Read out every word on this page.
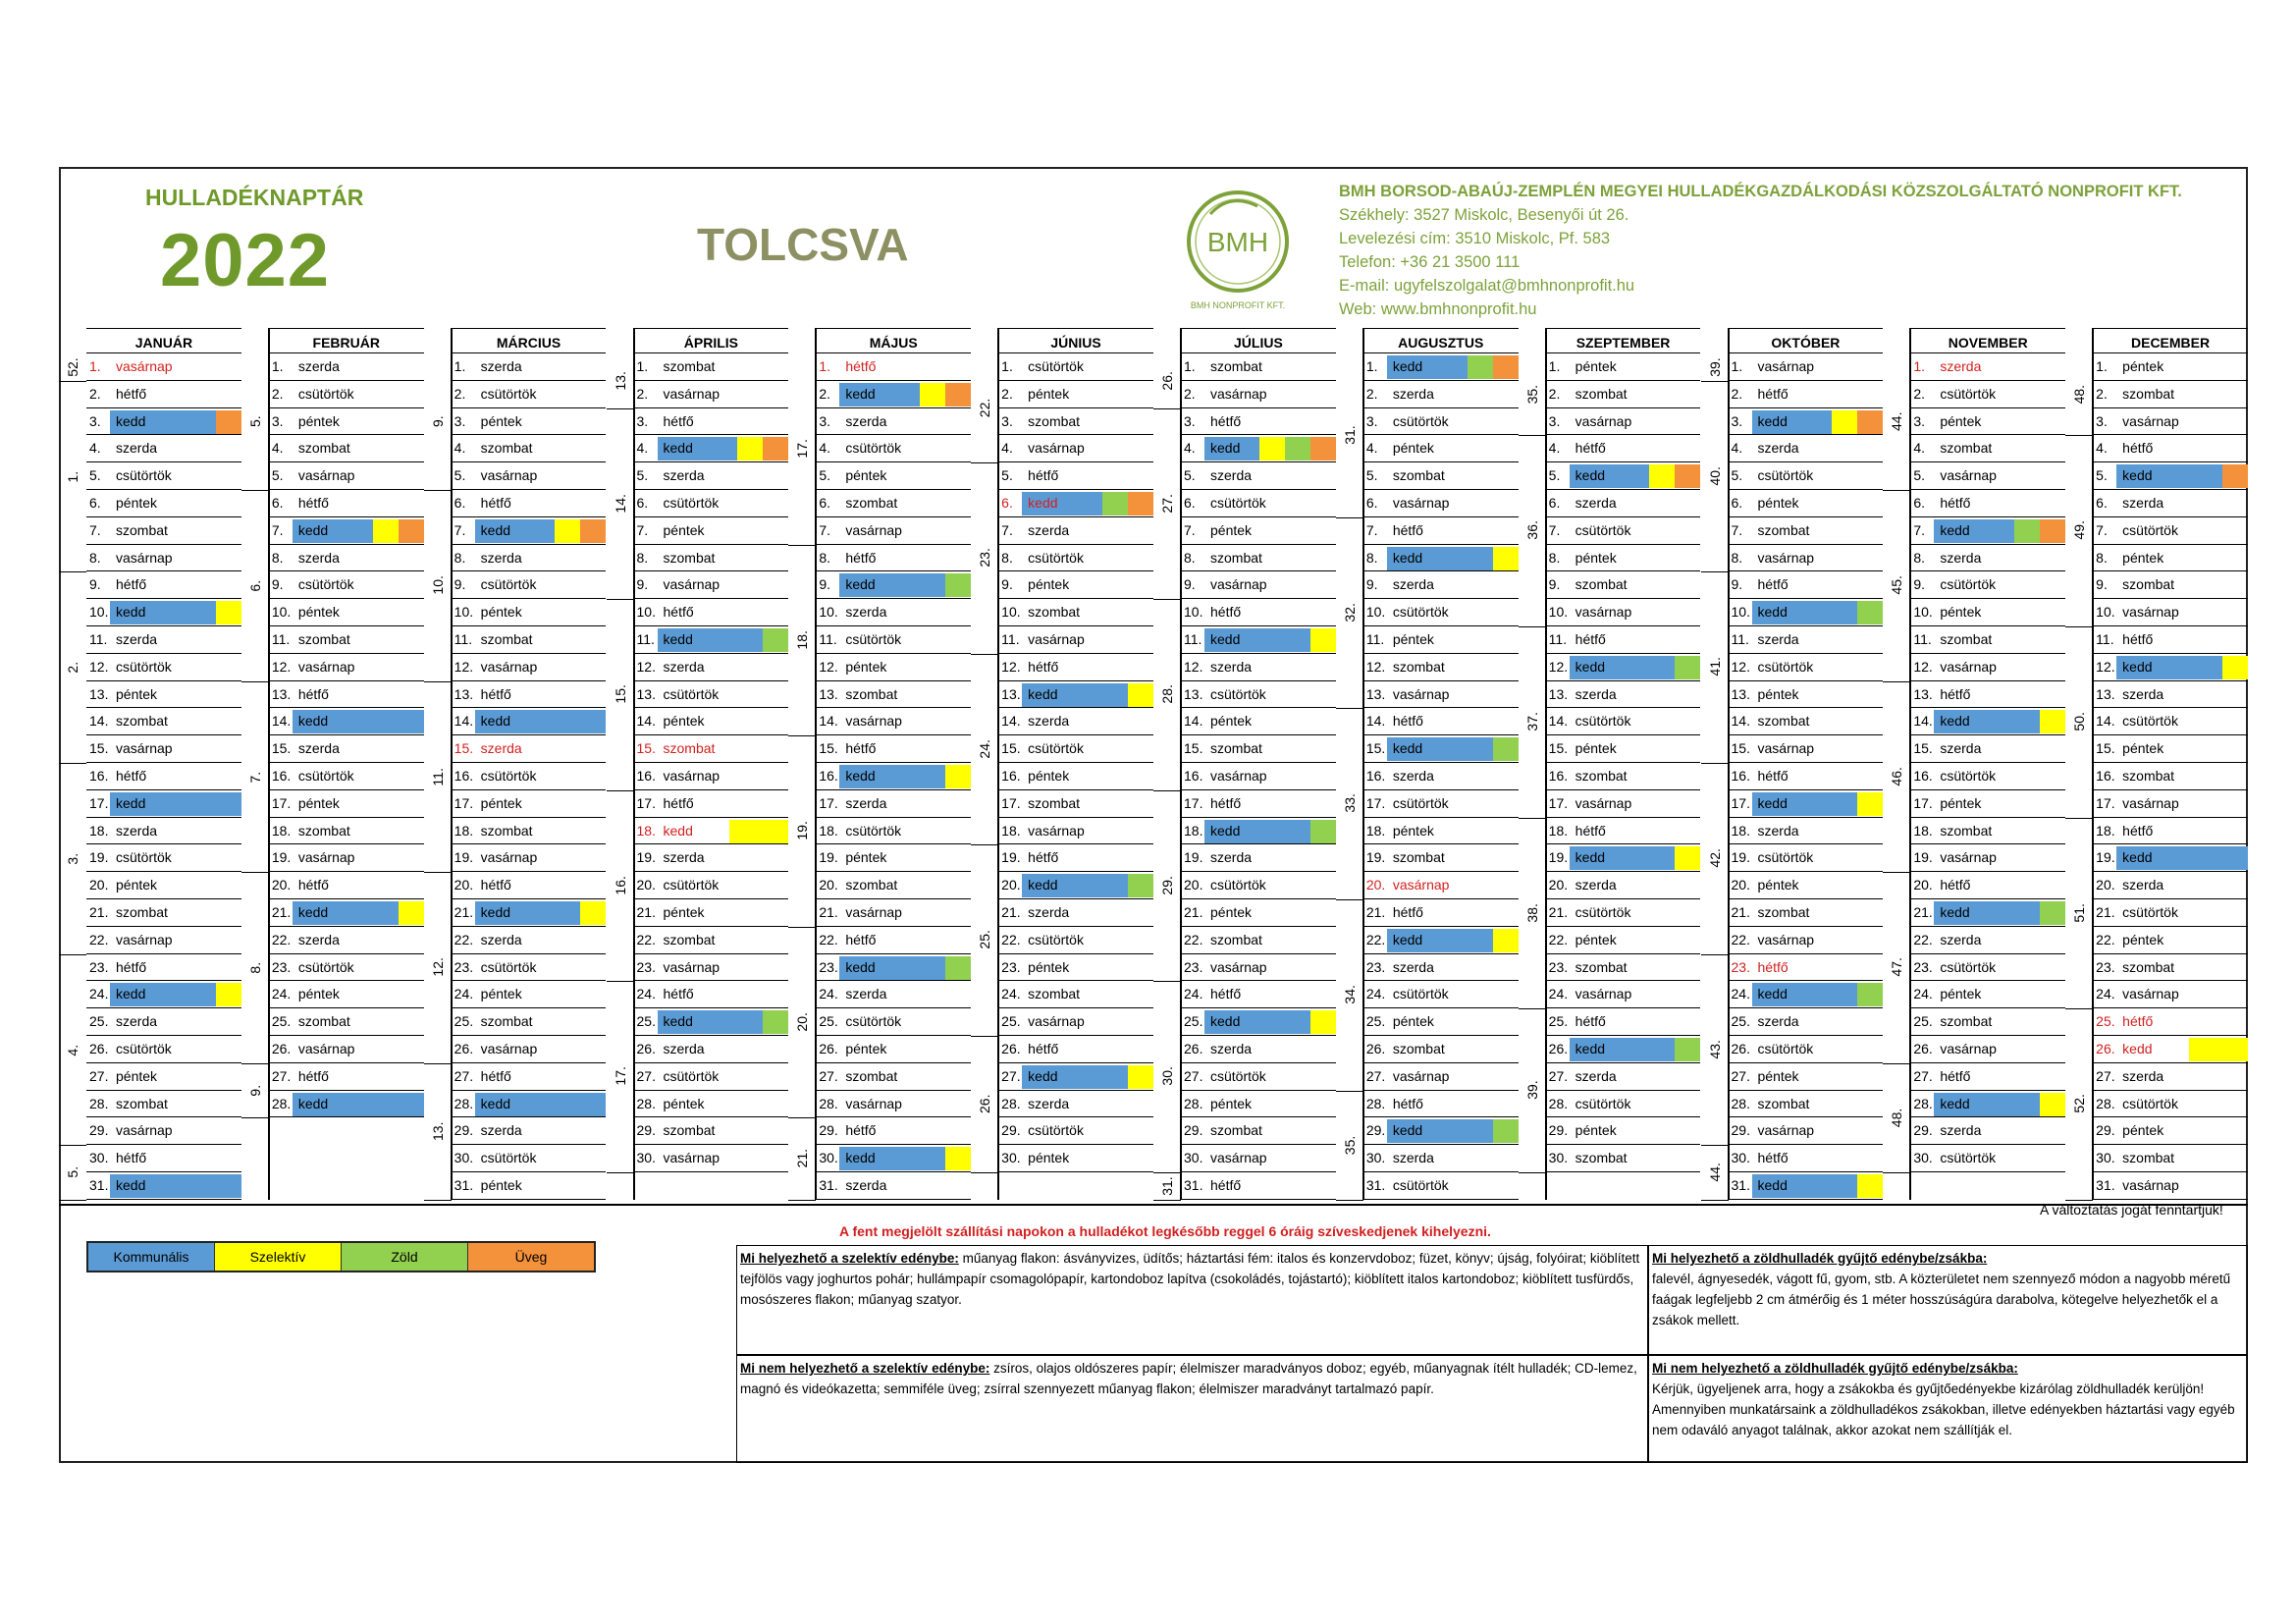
HULLADÉKNAPTÁR
2022	TOLCSVA	BMH
BMH NONPROFIT KFT.
BMH BORSOD-ABAÚJ-ZEMPLÉN MEGYEI HULLADÉKGAZDÁLKODÁSI KÖZSZOLGÁLTATÓ NONPROFIT KFT.
Székhely: 3527 Miskolc, Besenyői út 26.
Levelezési cím: 3510 Miskolc, Pf. 583
Telefon: +36 21 3500 111
E-mail: ugyfelszolgalat@bmhnonprofit.hu
Web: www.bmhnonprofit.hu
JANUÁR
1. vasárnap
52.
2. hétfő
3. kedd
4. szerda
5. csütörtök
6. péntek
7. szombat
8. vasárnap
1.
9. hétfő
10. kedd
11. szerda
12. csütörtök
13. péntek
14. szombat
15. vasárnap
2.
16. hétfő
17. kedd
18. szerda
19. csütörtök
20. péntek
21. szombat
22. vasárnap
3.
23. hétfő
24. kedd
25. szerda
26. csütörtök
27. péntek
28. szombat
29. vasárnap
4.
30. hétfő
31. kedd
5.
FEBRUÁR
1. szerda
2. csütörtök
3. péntek
4. szombat
5. vasárnap
5.
6. hétfő
7. kedd
8. szerda
9. csütörtök
10. péntek
11. szombat
12. vasárnap
6.
13. hétfő
14. kedd
15. szerda
16. csütörtök
17. péntek
18. szombat
19. vasárnap
7.
20. hétfő
21. kedd
22. szerda
23. csütörtök
24. péntek
25. szombat
26. vasárnap
8.
27. hétfő
28. kedd
9.
MÁRCIUS
1. szerda
2. csütörtök
3. péntek
4. szombat
5. vasárnap
9.
6. hétfő
7. kedd
8. szerda
9. csütörtök
10. péntek
11. szombat
12. vasárnap
10.
13. hétfő
14. kedd
15. szerda
16. csütörtök
17. péntek
18. szombat
19. vasárnap
11.
20. hétfő
21. kedd
22. szerda
23. csütörtök
24. péntek
25. szombat
26. vasárnap
12.
27. hétfő
28. kedd
29. szerda
30. csütörtök
31. péntek
13.
ÁPRILIS
1. szombat
2. vasárnap
13.
3. hétfő
4. kedd
5. szerda
6. csütörtök
7. péntek
8. szombat
9. vasárnap
14.
10. hétfő
11. kedd
12. szerda
13. csütörtök
14. péntek
15. szombat
16. vasárnap
15.
17. hétfő
18. kedd
19. szerda
20. csütörtök
21. péntek
22. szombat
23. vasárnap
16.
24. hétfő
25. kedd
26. szerda
27. csütörtök
28. péntek
29. szombat
30. vasárnap
17.
MÁJUS
1. hétfő
2. kedd
3. szerda
4. csütörtök
5. péntek
6. szombat
7. vasárnap
17.
8. hétfő
9. kedd
10. szerda
11. csütörtök
12. péntek
13. szombat
14. vasárnap
18.
15. hétfő
16. kedd
17. szerda
18. csütörtök
19. péntek
20. szombat
21. vasárnap
19.
22. hétfő
23. kedd
24. szerda
25. csütörtök
26. péntek
27. szombat
28. vasárnap
20.
29. hétfő
30. kedd
31. szerda
21.
JÚNIUS
1. csütörtök
2. péntek
3. szombat
4. vasárnap
22.
5. hétfő
6. kedd
7. szerda
8. csütörtök
9. péntek
10. szombat
11. vasárnap
23.
12. hétfő
13. kedd
14. szerda
15. csütörtök
16. péntek
17. szombat
18. vasárnap
24.
19. hétfő
20. kedd
21. szerda
22. csütörtök
23. péntek
24. szombat
25. vasárnap
25.
26. hétfő
27. kedd
28. szerda
29. csütörtök
30. péntek
26.
JÚLIUS
1. szombat
2. vasárnap
26.
3. hétfő
4. kedd
5. szerda
6. csütörtök
7. péntek
8. szombat
9. vasárnap
27.
10. hétfő
11. kedd
12. szerda
13. csütörtök
14. péntek
15. szombat
16. vasárnap
28.
17. hétfő
18. kedd
19. szerda
20. csütörtök
21. péntek
22. szombat
23. vasárnap
29.
24. hétfő
25. kedd
26. szerda
27. csütörtök
28. péntek
29. szombat
30. vasárnap
30.
31. hétfő
31.
AUGUSZTUS
1. kedd
2. szerda
3. csütörtök
4. péntek
5. szombat
6. vasárnap
31.
7. hétfő
8. kedd
9. szerda
10. csütörtök
11. péntek
12. szombat
13. vasárnap
32.
14. hétfő
15. kedd
16. szerda
17. csütörtök
18. péntek
19. szombat
20. vasárnap
33.
21. hétfő
22. kedd
23. szerda
24. csütörtök
25. péntek
26. szombat
27. vasárnap
34.
28. hétfő
29. kedd
30. szerda
31. csütörtök
35.
SZEPTEMBER
1. péntek
2. szombat
3. vasárnap
35.
4. hétfő
5. kedd
6. szerda
7. csütörtök
8. péntek
9. szombat
10. vasárnap
36.
11. hétfő
12. kedd
13. szerda
14. csütörtök
15. péntek
16. szombat
17. vasárnap
37.
18. hétfő
19. kedd
20. szerda
21. csütörtök
22. péntek
23. szombat
24. vasárnap
38.
25. hétfő
26. kedd
27. szerda
28. csütörtök
29. péntek
30. szombat
39.
OKTÓBER
1. vasárnap
39.
2. hétfő
3. kedd
4. szerda
5. csütörtök
6. péntek
7. szombat
8. vasárnap
40.
9. hétfő
10. kedd
11. szerda
12. csütörtök
13. péntek
14. szombat
15. vasárnap
41.
16. hétfő
17. kedd
18. szerda
19. csütörtök
20. péntek
21. szombat
22. vasárnap
42.
23. hétfő
24. kedd
25. szerda
26. csütörtök
27. péntek
28. szombat
29. vasárnap
43.
30. hétfő
31. kedd
44.
NOVEMBER
1. szerda
2. csütörtök
3. péntek
4. szombat
5. vasárnap
44.
6. hétfő
7. kedd
8. szerda
9. csütörtök
10. péntek
11. szombat
12. vasárnap
45.
13. hétfő
14. kedd
15. szerda
16. csütörtök
17. péntek
18. szombat
19. vasárnap
46.
20. hétfő
21. kedd
22. szerda
23. csütörtök
24. péntek
25. szombat
26. vasárnap
47.
27. hétfő
28. kedd
29. szerda
30. csütörtök
48.
DECEMBER
1. péntek
2. szombat
3. vasárnap
48.
4. hétfő
5. kedd
6. szerda
7. csütörtök
8. péntek
9. szombat
10. vasárnap
49.
11. hétfő
12. kedd
13. szerda
14. csütörtök
15. péntek
16. szombat
17. vasárnap
50.
18. hétfő
19. kedd
20. szerda
21. csütörtök
22. péntek
23. szombat
24. vasárnap
51.
25. hétfő
26. kedd
27. szerda
28. csütörtök
29. péntek
30. szombat
31. vasárnap
52.
A változtatás jogát fenntartjuk!
A fent megjelölt szállítási napokon a hulladékot legkésőbb reggel 6 óráig szíveskedjenek kihelyezni.
Kommunális	Szelektív	Zöld	Üveg	Mi helyezhető a szelektív edénybe: műanyag flakon: ásványvizes, üdítős; háztartási fém: italos és konzervdoboz; füzet, könyv; újság, folyóirat; kiöblített tejfölös vagy joghurtos pohár; hullámpapír csomagolópapír, kartondoboz lapítva (csokoládés, tojástartó); kiöblített italos kartondoboz; kiöblített tusfürdős, mosószeres flakon; műanyag szatyor.
Mi nem helyezhető a szelektív edénybe: zsíros, olajos oldószeres papír; élelmiszer maradványos doboz; egyéb, műanyagnak ítélt hulladék; CD-lemez, magnó és videókazetta; semmiféle üveg; zsírral szennyezett műanyag flakon; élelmiszer maradványt tartalmazó papír.
Mi helyezhető a zöldhulladék gyűjtő edénybe/zsákba:
falevél, ágnyesedék, vágott fű, gyom, stb. A közterületet nem szennyező módon a nagyobb méretű faágak legfeljebb 2 cm átmérőig és 1 méter hosszúságúra darabolva, kötegelve helyezhetők el a zsákok mellett.
Mi nem helyezhető a zöldhulladék gyűjtő edénybe/zsákba:
Kérjük, ügyeljenek arra, hogy a zsákokba és gyűjtőedényekbe kizárólag zöldhulladék kerüljön! Amennyiben munkatársaink a zöldhulladékos zsákokban, illetve edényekben háztartási vagy egyéb nem odaváló anyagot találnak, akkor azokat nem szállítják el.
